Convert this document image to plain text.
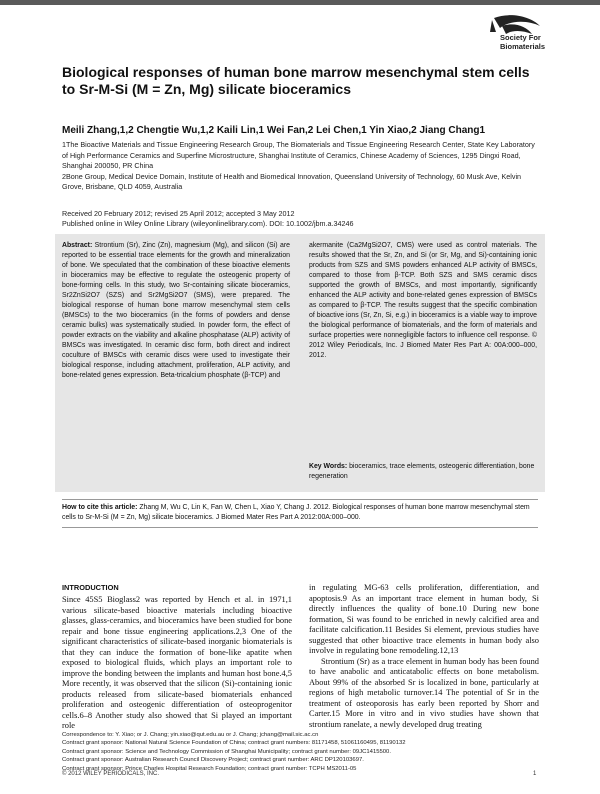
Society For
Biomaterials
Biological responses of human bone marrow mesenchymal stem cells to Sr-M-Si (M = Zn, Mg) silicate bioceramics
Meili Zhang,1,2 Chengtie Wu,1,2 Kaili Lin,1 Wei Fan,2 Lei Chen,1 Yin Xiao,2 Jiang Chang1

1The Bioactive Materials and Tissue Engineering Research Group, The Biomaterials and Tissue Engineering Research Center, State Key Laboratory of High Performance Ceramics and Superfine Microstructure, Shanghai Institute of Ceramics, Chinese Academy of Sciences, 1295 Dingxi Road, Shanghai 200050, PR China

2Bone Group, Medical Device Domain, Institute of Health and Biomedical Innovation, Queensland University of Technology, 60 Musk Ave, Kelvin Grove, Brisbane, QLD 4059, Australia

Received 20 February 2012; revised 25 April 2012; accepted 3 May 2012

Published online in Wiley Online Library (wileyonlinelibrary.com). DOI: 10.1002/jbm.a.34246

Abstract: Strontium (Sr), Zinc (Zn), magnesium (Mg), and silicon (Si) are reported to be essential trace elements for the growth and mineralization of bone. We speculated that the combination of these bioactive elements in bioceramics may be effective to regulate the osteogenic property of bone-forming cells. In this study, two Sr-containing silicate bioceramics, Sr2ZnSi2O7 (SZS) and Sr2MgSi2O7 (SMS), were prepared. The biological response of human bone marrow mesenchymal stem cells (BMSCs) to the two bioceramics (in the forms of powders and dense ceramic bulks) was systematically studied. In powder form, the effect of powder extracts on the viability and alkaline phosphatase (ALP) activity of BMSCs was investigated. In ceramic disc form, both direct and indirect coculture of BMSCs with ceramic discs were used to investigate their biological response, including attachment, proliferation, ALP activity, and bone-related genes expression. Beta-tricalcium phosphate (β-TCP) and
akermanite (Ca2MgSi2O7, CMS) were used as control materials. The results showed that the Sr, Zn, and Si (or Sr, Mg, and Si)-containing ionic products from SZS and SMS powders enhanced ALP activity of BMSCs, compared to those from β-TCP. Both SZS and SMS ceramic discs supported the growth of BMSCs, and most importantly, significantly enhanced the ALP activity and bone-related genes expression of BMSCs as compared to β-TCP. The results suggest that the specific combination of bioactive ions (Sr, Zn, Si, e.g.) in bioceramics is a viable way to improve the biological performance of biomaterials, and the form of materials and surface properties were nonnegligible factors to influence cell response. © 2012 Wiley Periodicals, Inc. J Biomed Mater Res Part A: 00A:000–000, 2012.
Key Words: bioceramics, trace elements, osteogenic differentiation, bone regeneration
How to cite this article: Zhang M, Wu C, Lin K, Fan W, Chen L, Xiao Y, Chang J. 2012. Biological responses of human bone marrow mesenchymal stem cells to Sr-M-Si (M = Zn, Mg) silicate bioceramics. J Biomed Mater Res Part A 2012:00A:000–000.
INTRODUCTION
Since 45S5 Bioglass2 was reported by Hench et al. in 1971,1 various silicate-based bioactive materials including bioactive glasses, glass-ceramics, and bioceramics have been studied for bone repair and bone tissue engineering applications.2,3 One of the significant characteristics of silicate-based inorganic biomaterials is that they can induce the formation of bone-like apatite when exposed to biological fluids, which plays an important role to improve the bonding between the implants and human host bone.4,5 More recently, it was observed that the silicon (Si)-containing ionic products released from silicate-based biomaterials enhanced proliferation and osteogenic differentiation of osteoprogenitor cells.6–8 Another study also showed that Si played an important role

in regulating MG-63 cells proliferation, differentiation, and apoptosis.9 As an important trace element in human body, Si directly influences the quality of bone.10 During new bone formation, Si was found to be enriched in newly calcified area and facilitate calcification.11 Besides Si element, previous studies have suggested that other bioactive trace elements in human body also involve in regulating bone remodeling.12,13

Strontium (Sr) as a trace element in human body has been found to have anabolic and anticatabolic effects on bone metabolism. About 99% of the absorbed Sr is localized in bone, particularly at regions of high metabolic turnover.14 The potential of Sr in the treatment of osteoporosis has early been reported by Shorr and Carter.15 More in vitro and in vivo studies have shown that strontium ranelate, a newly developed drug treating

Correspondence to: Y. Xiao; or J. Chang; yin.xiao@qut.edu.au or J. Chang; jchang@mail.sic.ac.cn

Contract grant sponsor: National Natural Science Foundation of China; contract grant numbers: 81171458, 51061160495, 81190132

Contract grant sponsor: Science and Technology Commission of Shanghai Municipality; contract grant number: 09JC1415500.

Contract grant sponsor: Australian Research Council Discovery Project; contract grant number: ARC DP120103697.

Contract grant sponsor: Prince Charles Hospital Research Foundation; contract grant number: TCPH MS2011-05

© 2012 WILEY PERIODICALS, INC.	1
